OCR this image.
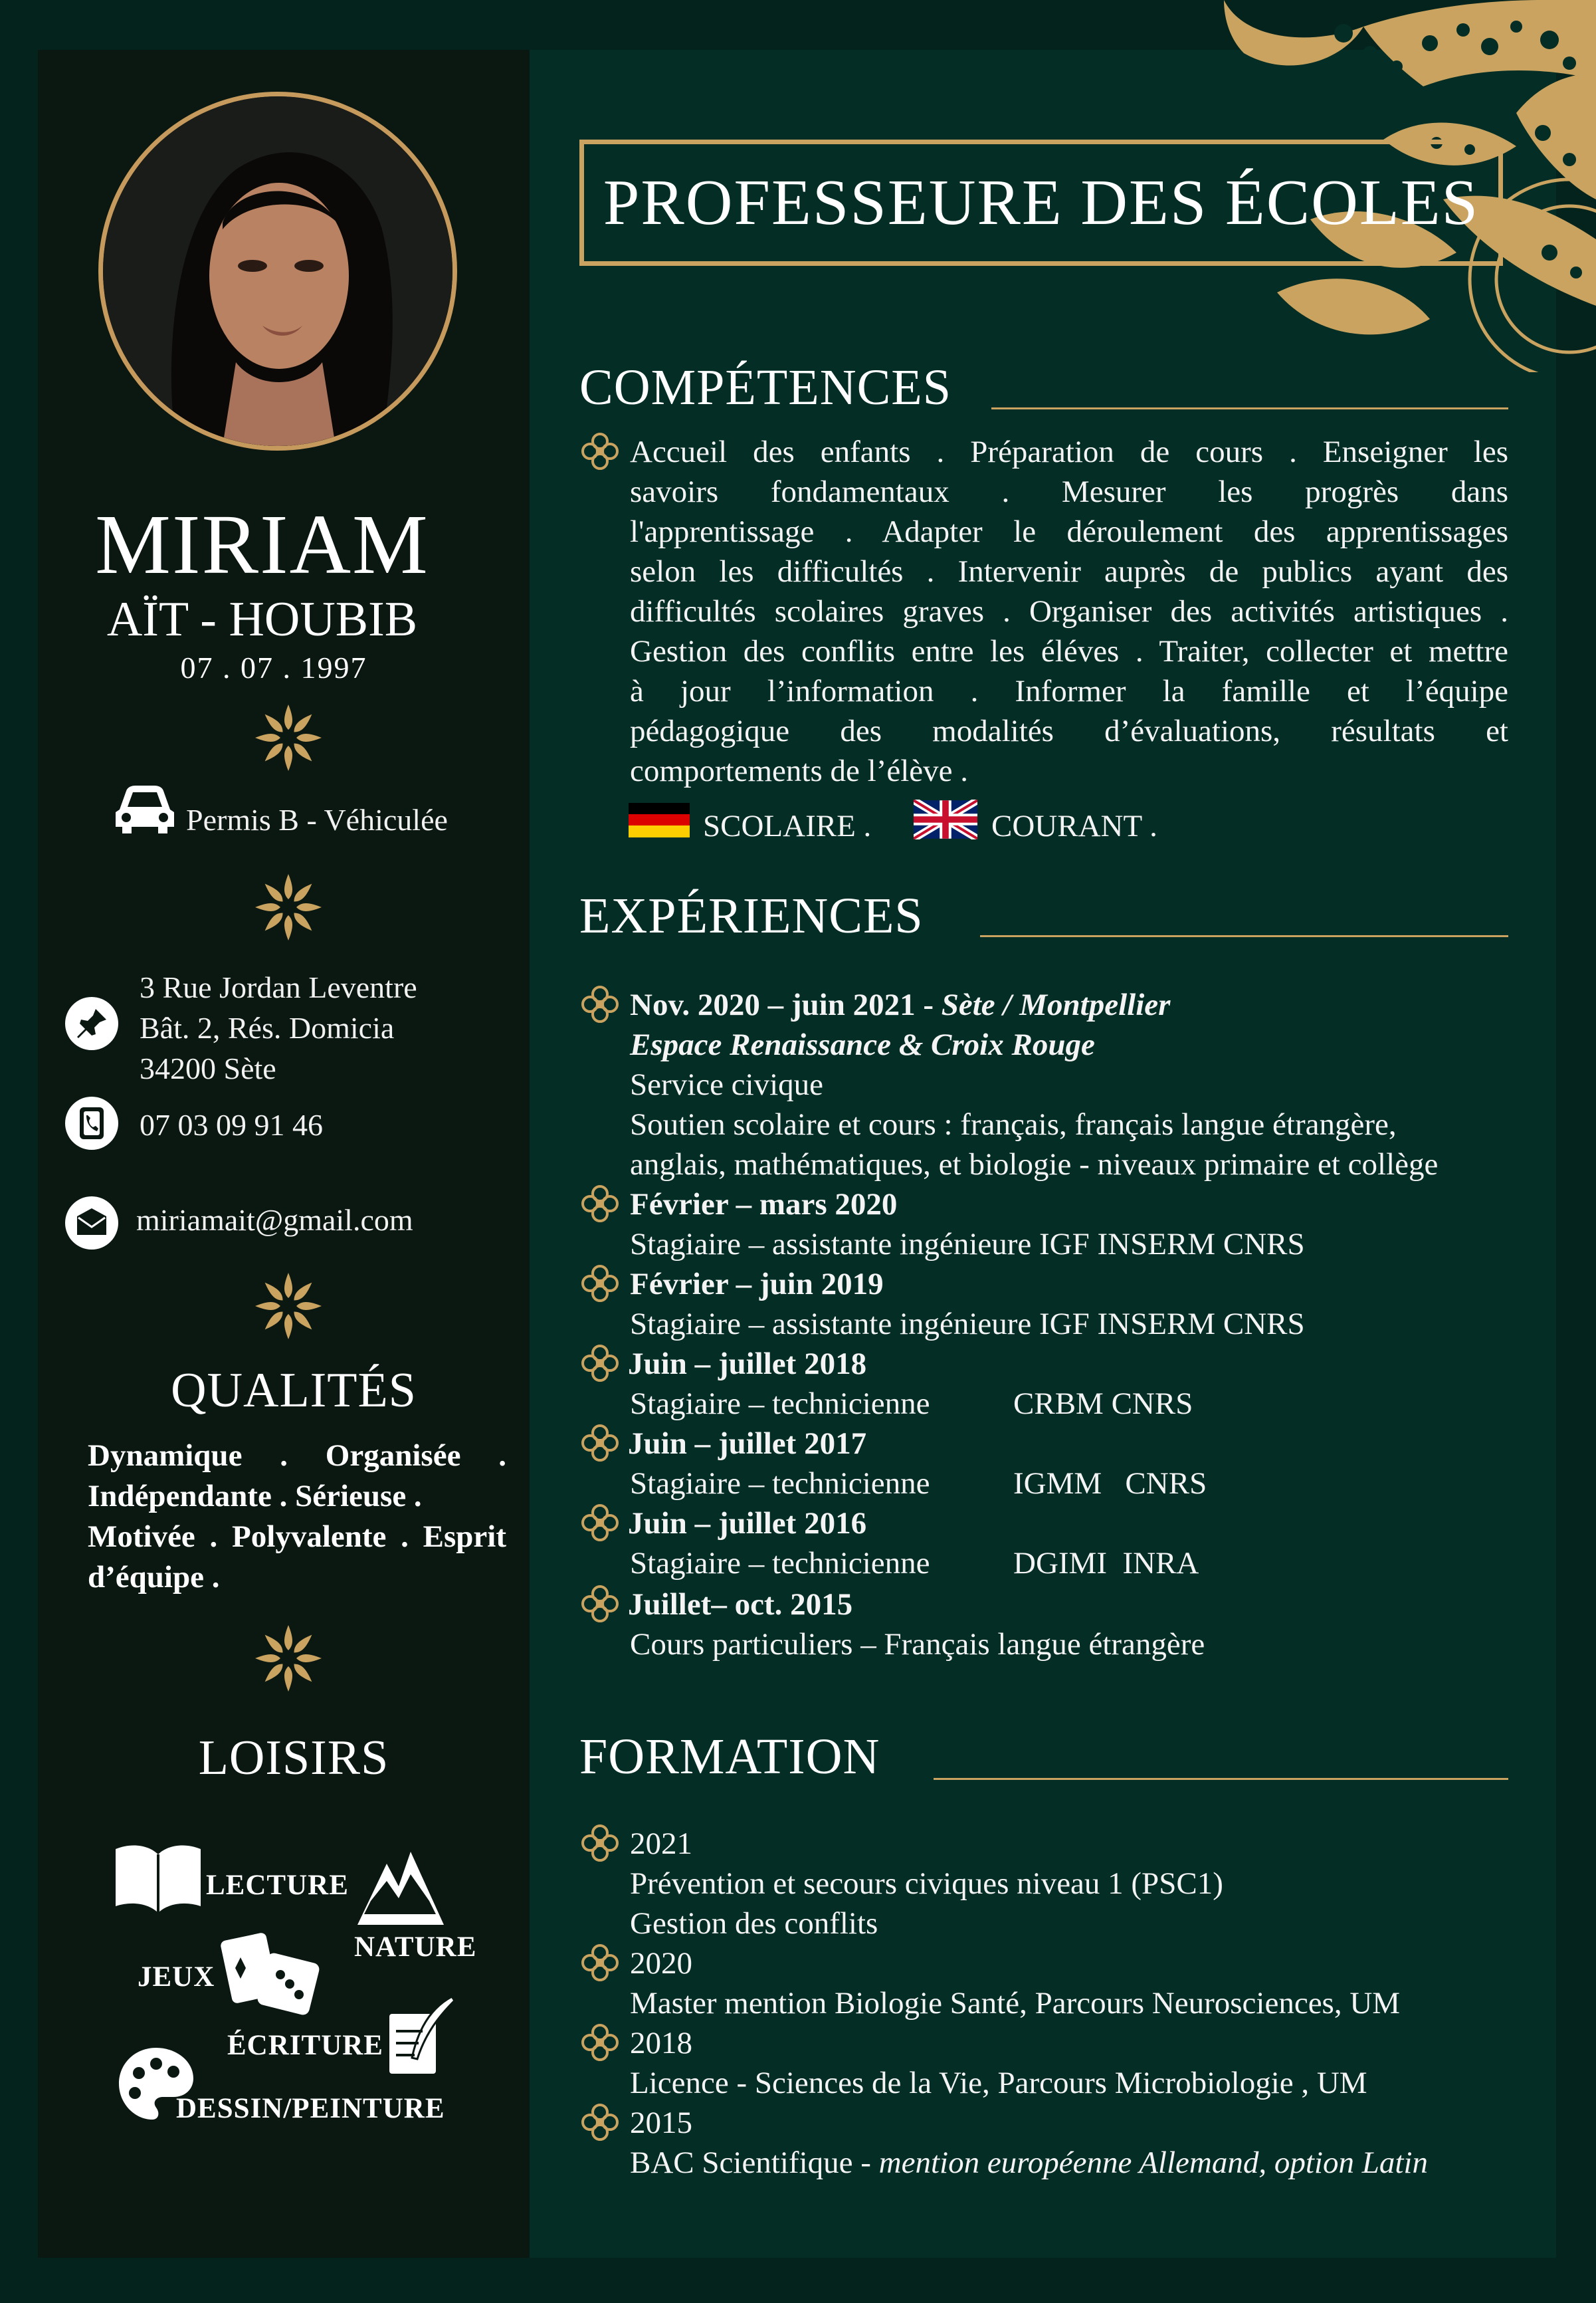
MIRIAM
AÏT - HOUBIB
07 . 07 . 1997
Permis B - Véhiculée
3 Rue Jordan Leventre
Bât. 2, Rés. Domicia
34200 Sète
07 03 09 91 46
miriamait@gmail.com
QUALITÉS
Dynamique . Organisée .
Indépendante . Sérieuse .
Motivée . Polyvalente . Esprit
d’équipe .
LOISIRS
LECTURE
NATURE
JEUX
ÉCRITURE
DESSIN/PEINTURE
PROFESSEURE DES ÉCOLES
COMPÉTENCES
Accueil des enfants . Préparation de cours . Enseigner les
savoirs fondamentaux . Mesurer les progrès dans
l'apprentissage . Adapter le déroulement des apprentissages
selon les difficultés . Intervenir auprès de publics ayant des
difficultés scolaires graves . Organiser des activités artistiques .
Gestion des conflits entre les éléves . Traiter, collecter et mettre
à jour l’information . Informer la famille et l’équipe
pédagogique des modalités d’évaluations, résultats et
comportements de l’élève .
SCOLAIRE .	COURANT .
EXPÉRIENCES
Nov. 2020 – juin 2021 - Sète / Montpellier
Espace Renaissance & Croix Rouge
Service civique
Soutien scolaire et cours : français, français langue étrangère,
anglais, mathématiques, et biologie - niveaux primaire et collège
Février – mars 2020
Stagiaire – assistante ingénieure IGF INSERM CNRS
Février – juin 2019
Stagiaire – assistante ingénieure IGF INSERM CNRS
Juin – juillet 2018
Stagiaire – technicienne	CRBM CNRS
Juin – juillet 2017
Stagiaire – technicienne	IGMM   CNRS
Juin – juillet 2016
Stagiaire – technicienne	DGIMI  INRA
Juillet– oct. 2015
Cours particuliers – Français langue étrangère
FORMATION
2021
Prévention et secours civiques niveau 1 (PSC1)
Gestion des conflits
2020
Master mention Biologie Santé, Parcours Neurosciences, UM
2018
Licence - Sciences de la Vie, Parcours Microbiologie , UM
2015
BAC Scientifique - mention européenne Allemand, option Latin
